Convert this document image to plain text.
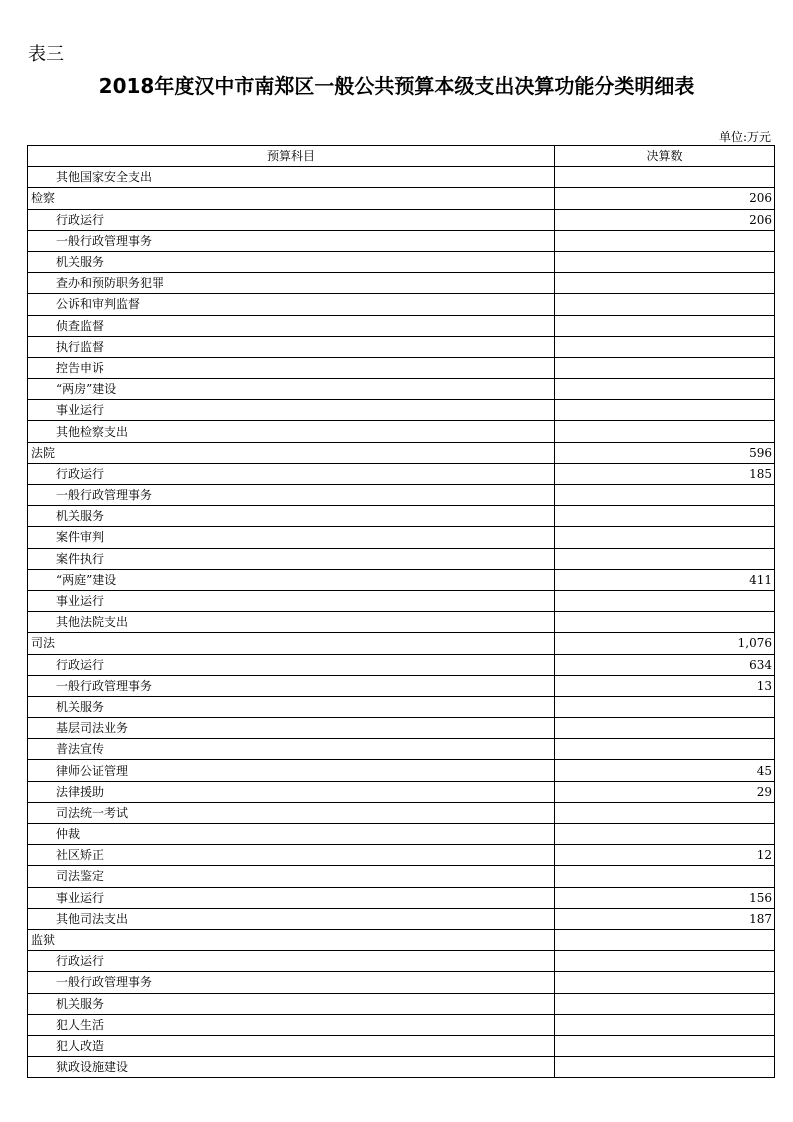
表三
2018年度汉中市南郑区一般公共预算本级支出决算功能分类明细表
单位:万元
预算科目	决算数
其他国家安全支出	
检察	206
行政运行	206
一般行政管理事务	
机关服务	
查办和预防职务犯罪	
公诉和审判监督	
侦查监督	
执行监督	
控告申诉	
“两房”建设	
事业运行	
其他检察支出	
法院	596
行政运行	185
一般行政管理事务	
机关服务	
案件审判	
案件执行	
“两庭”建设	411
事业运行	
其他法院支出	
司法	1,076
行政运行	634
一般行政管理事务	13
机关服务	
基层司法业务	
普法宣传	
律师公证管理	45
法律援助	29
司法统一考试	
仲裁	
社区矫正	12
司法鉴定	
事业运行	156
其他司法支出	187
监狱	
行政运行	
一般行政管理事务	
机关服务	
犯人生活	
犯人改造	
狱政设施建设	
